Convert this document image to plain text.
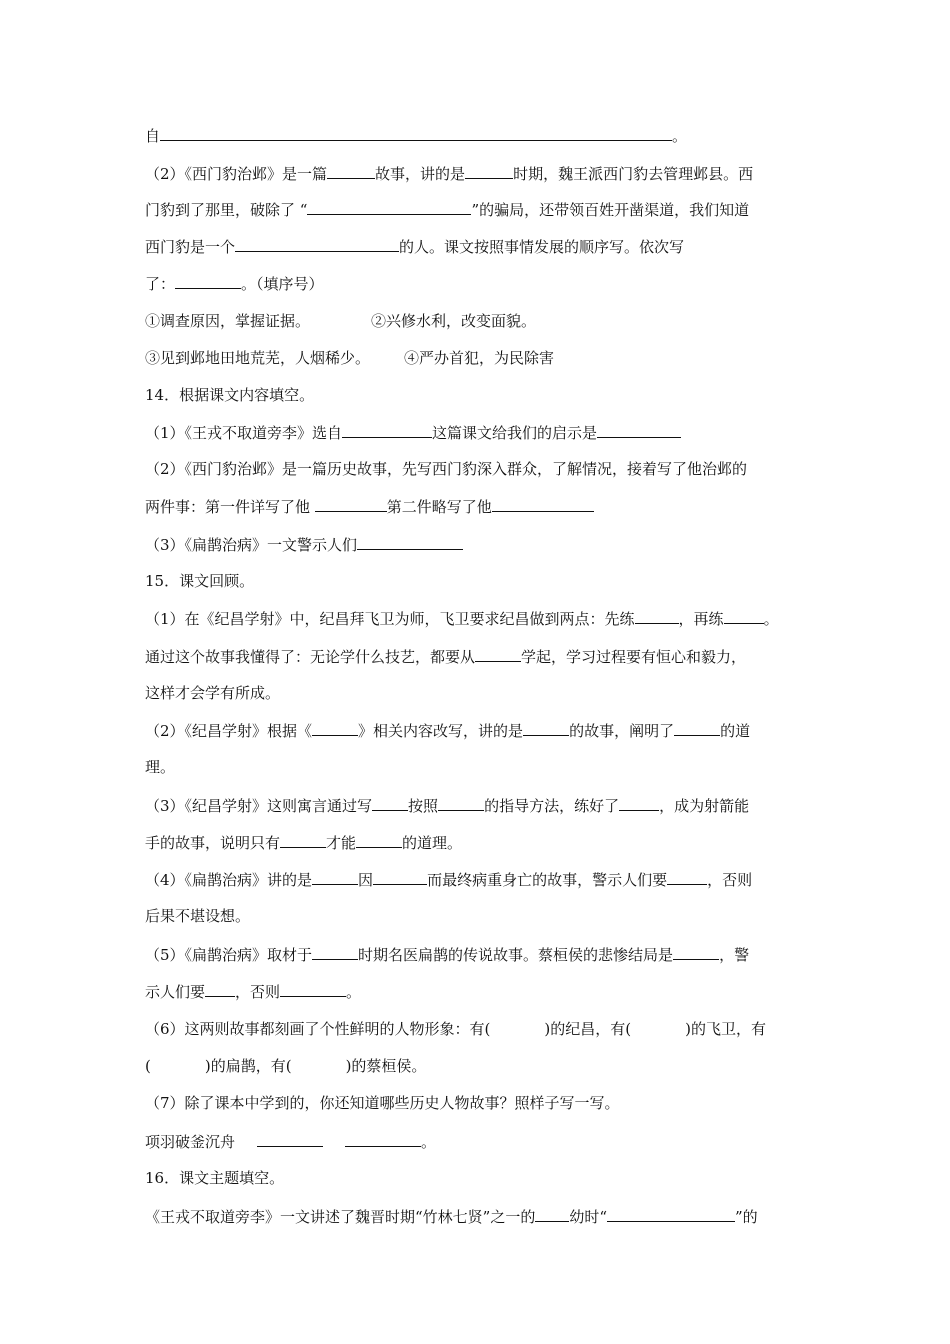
自	。
（2）《西门豹治邺》是一篇	故事，讲的是	时期，魏王派西门豹去管理邺县。西
门豹到了那里，破除了 “	”的骗局，还带领百姓开凿渠道，我们知道
西门豹是一个	的人。课文按照事情发展的顺序写。依次写
了：	。（填序号）
①调查原因，掌握证据。	②兴修水利，改变面貌。
③见到邺地田地荒芜，人烟稀少。 ④严办首犯，为民除害
14．根据课文内容填空。
（1）《王戎不取道旁李》选自	这篇课文给我们的启示是
（2）《西门豹治邺》是一篇历史故事，先写西门豹深入群众，了解情况，接着写了他治邺的
两件事：第一件详写了他	第二件略写了他
（3）《扁鹊治病》一文警示人们
15．课文回顾。
（1）在《纪昌学射》中，纪昌拜飞卫为师，飞卫要求纪昌做到两点：先练	，再练	。
通过这个故事我懂得了：无论学什么技艺，都要从	学起，学习过程要有恒心和毅力，
这样才会学有所成。
（2）《纪昌学射》根据《	》相关内容改写，讲的是	的故事，阐明了	的道
理。
（3）《纪昌学射》这则寓言通过写 按照	的指导方法，练好了	，成为射箭能
手的故事，说明只有	才能	的道理。
（4）《扁鹊治病》讲的是	因	而最终病重身亡的故事，警示人们要	，否则
后果不堪设想。
（5）《扁鹊治病》取材于	时期名医扁鹊的传说故事。蔡桓侯的悲惨结局是	，警
示人们要 ，否则	。
（6）这两则故事都刻画了个性鲜明的人物形象：有(	)的纪昌，有(	)的飞卫，有
(	)的扁鹊，有(	)的蔡桓侯。
（7）除了课本中学到的，你还知道哪些历史人物故事？照样子写一写。
项羽破釜沉舟	。
16．课文主题填空。
《王戎不取道旁李》一文讲述了魏晋时期“竹林七贤”之一的 幼时“	”的
